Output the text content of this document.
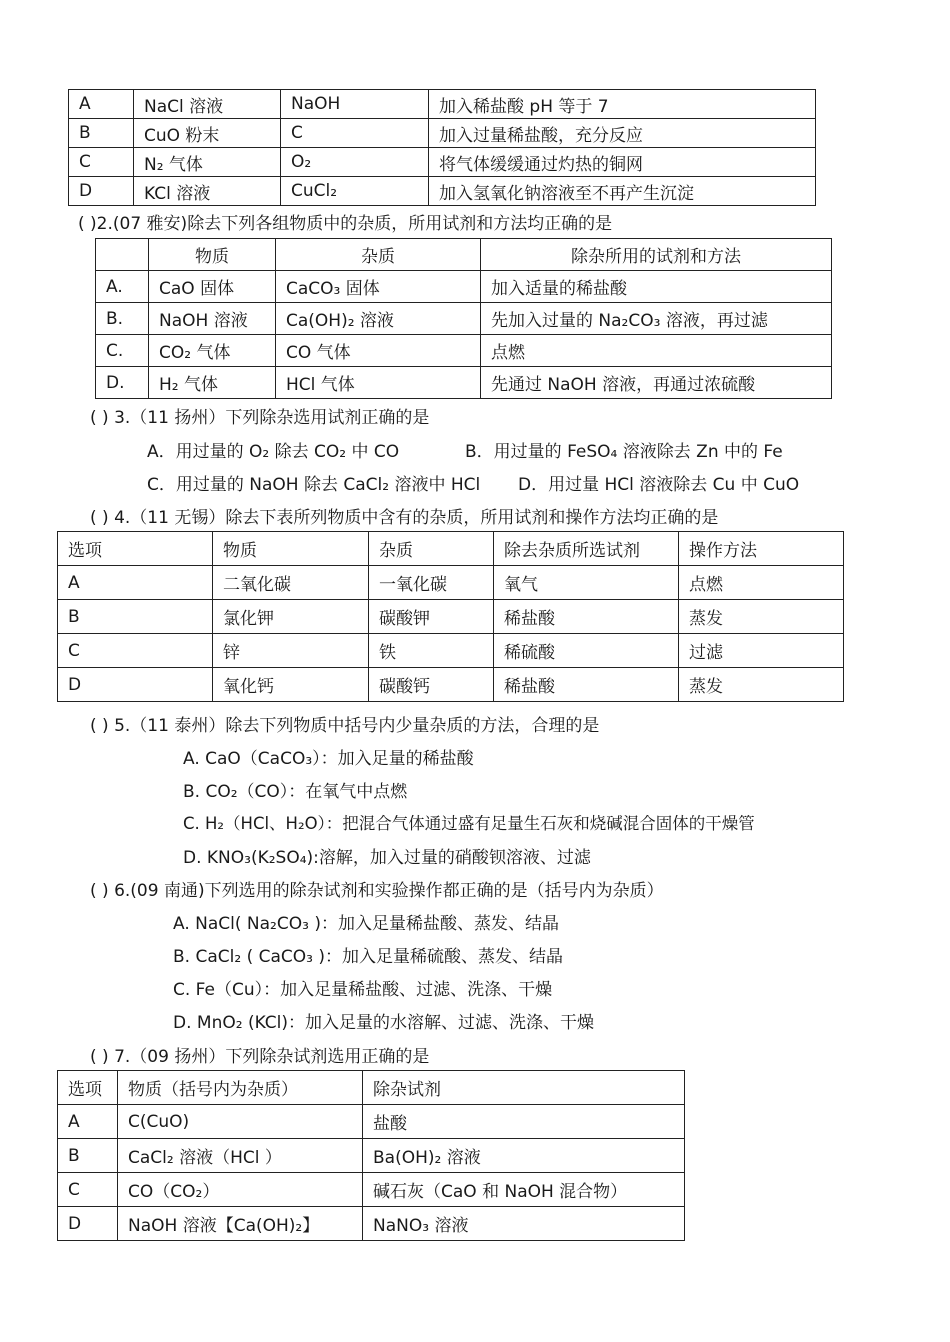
A	NaCl 溶液	NaOH	加入稀盐酸 pH 等于 7
B	CuO 粉末	C	加入过量稀盐酸，充分反应
C	N₂ 气体	O₂	将气体缓缓通过灼热的铜网
D	KCl 溶液	CuCl₂	加入氢氧化钠溶液至不再产生沉淀
( )2.(07 雅安)除去下列各组物质中的杂质，所用试剂和方法均正确的是
	物质	杂质	除杂所用的试剂和方法
A.	CaO 固体	CaCO₃ 固体	加入适量的稀盐酸
B.	NaOH 溶液	Ca(OH)₂ 溶液	先加入过量的 Na₂CO₃ 溶液，再过滤
C.	CO₂ 气体	CO 气体	点燃
D.	H₂ 气体	HCl 气体	先通过 NaOH 溶液，再通过浓硫酸
( ) 3.（11 扬州）下列除杂选用试剂正确的是
A．用过量的 O₂ 除去 CO₂ 中 CO	B．用过量的 FeSO₄ 溶液除去 Zn 中的 Fe
C．用过量的 NaOH 除去 CaCl₂ 溶液中 HCl D．用过量 HCl 溶液除去 Cu 中 CuO
( ) 4.（11 无锡）除去下表所列物质中含有的杂质，所用试剂和操作方法均正确的是
选项	物质	杂质	除去杂质所选试剂	操作方法
A	二氧化碳	一氧化碳	氧气	点燃
B	氯化钾	碳酸钾	稀盐酸	蒸发
C	锌	铁	稀硫酸	过滤
D	氧化钙	碳酸钙	稀盐酸	蒸发
( ) 5.（11 泰州）除去下列物质中括号内少量杂质的方法，合理的是
A. CaO（CaCO₃）：加入足量的稀盐酸
B. CO₂（CO）：在氧气中点燃
C. H₂（HCl、H₂O）：把混合气体通过盛有足量生石灰和烧碱混合固体的干燥管
D. KNO₃(K₂SO₄):溶解，加入过量的硝酸钡溶液、过滤
( ) 6.(09 南通)下列选用的除杂试剂和实验操作都正确的是（括号内为杂质）
A. NaCl( Na₂CO₃ )：加入足量稀盐酸、蒸发、结晶
B. CaCl₂ ( CaCO₃ )：加入足量稀硫酸、蒸发、结晶
C. Fe（Cu）：加入足量稀盐酸、过滤、洗涤、干燥
D. MnO₂ (KCl)：加入足量的水溶解、过滤、洗涤、干燥
( ) 7.（09 扬州）下列除杂试剂选用正确的是
选项	物质（括号内为杂质）	除杂试剂
A	C(CuO)	盐酸
B	CaCl₂ 溶液（HCl ）	Ba(OH)₂ 溶液
C	CO（CO₂）	碱石灰（CaO 和 NaOH 混合物）
D	NaOH 溶液【Ca(OH)₂】	NaNO₃ 溶液
